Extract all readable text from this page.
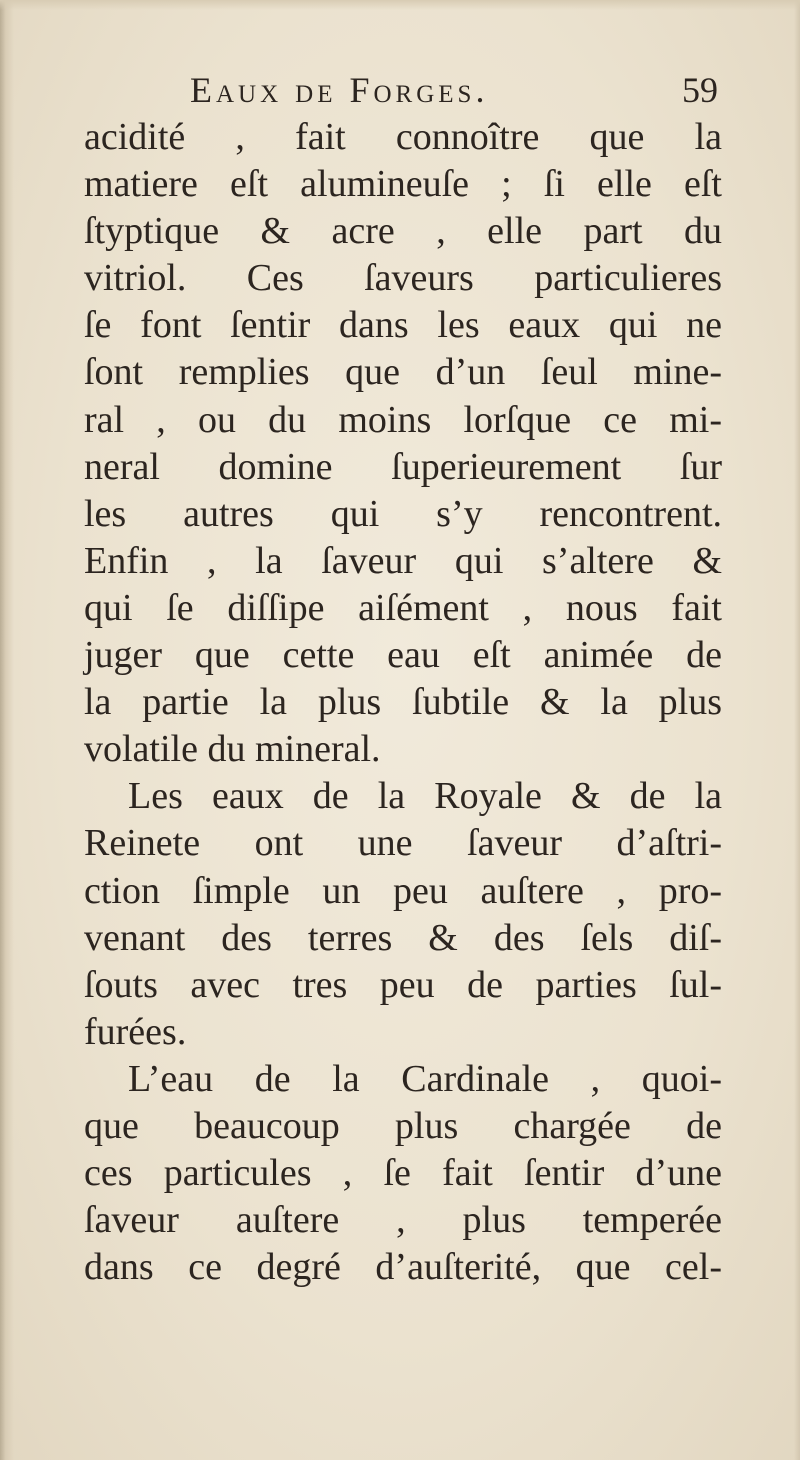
Eaux de Forges.	59
acidité , fait connoître que la
matiere eſt alumineuſe ; ſi elle eſt
ſtyptique & acre , elle part du
vitriol. Ces ſaveurs particulieres
ſe font ſentir dans les eaux qui ne
ſont remplies que d’un ſeul mine-
ral , ou du moins lorſque ce mi-
neral domine ſuperieurement ſur
les autres qui s’y rencontrent.
Enfin , la ſaveur qui s’altere &
qui ſe diſſipe aiſément , nous fait
juger que cette eau eſt animée de
la partie la plus ſubtile & la plus
volatile du mineral.
Les eaux de la Royale & de la
Reinete ont une ſaveur d’aſtri-
ction ſimple un peu auſtere , pro-
venant des terres & des ſels diſ-
ſouts avec tres peu de parties ſul-
furées.
L’eau de la Cardinale , quoi-
que beaucoup plus chargée de
ces particules , ſe fait ſentir d’une
ſaveur auſtere , plus temperée
dans ce degré d’auſterité, que cel-
